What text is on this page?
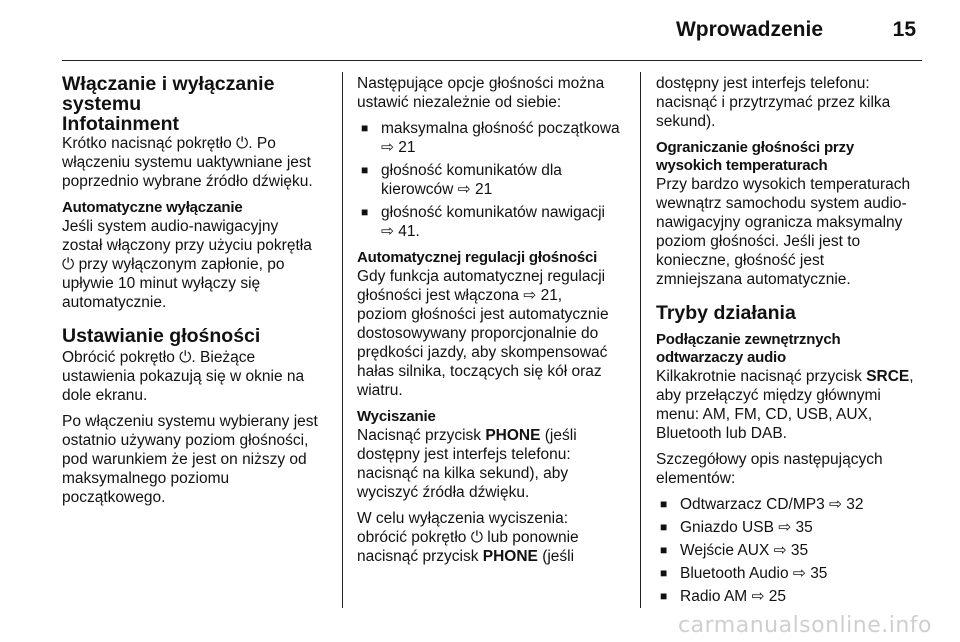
Wprowadzenie	15
Włączanie i wyłączanie systemu
Infotainment

Krótko nacisnąć pokrętło ⏻. Po
włączeniu systemu uaktywniane jest
poprzednio wybrane źródło dźwięku.

Automatyczne wyłączanie

Jeśli system audio-nawigacyjny
został włączony przy użyciu pokrętła
⏻ przy wyłączonym zapłonie, po
upływie 10 minut wyłączy się
automatycznie.

Ustawianie głośności

Obrócić pokrętło ⏻. Bieżące
ustawienia pokazują się w oknie na
dole ekranu.

Po włączeniu systemu wybierany jest
ostatnio używany poziom głośności,
pod warunkiem że jest on niższy od
maksymalnego poziomu
początkowego.

Następujące opcje głośności można
ustawić niezależnie od siebie:

■ maksymalna głośność początkowa
⇨ 21
■ głośność komunikatów dla
kierowców ⇨ 21
■ głośność komunikatów nawigacji
⇨ 41.
Automatycznej regulacji głośności

Gdy funkcja automatycznej regulacji
głośności jest włączona ⇨ 21,
poziom głośności jest automatycznie
dostosowywany proporcjonalnie do
prędkości jazdy, aby skompensować
hałas silnika, toczących się kół oraz
wiatru.

Wyciszanie

Nacisnąć przycisk PHONE (jeśli
dostępny jest interfejs telefonu:
nacisnąć na kilka sekund), aby
wyciszyć źródła dźwięku.

W celu wyłączenia wyciszenia:
obrócić pokrętło ⏻ lub ponownie
nacisnąć przycisk PHONE (jeśli

dostępny jest interfejs telefonu:
nacisnąć i przytrzymać przez kilka
sekund).

Ograniczanie głośności przy
wysokich temperaturach

Przy bardzo wysokich temperaturach
wewnątrz samochodu system audio-
nawigacyjny ogranicza maksymalny
poziom głośności. Jeśli jest to
konieczne, głośność jest
zmniejszana automatycznie.

Tryby działania
Podłączanie zewnętrznych
odtwarzaczy audio

Kilkakrotnie nacisnąć przycisk SRCE,
aby przełączyć między głównymi
menu: AM, FM, CD, USB, AUX,
Bluetooth lub DAB.

Szczegółowy opis następujących
elementów:

■ Odtwarzacz CD/MP3 ⇨ 32
■ Gniazdo USB ⇨ 35
■ Wejście AUX ⇨ 35
■ Bluetooth Audio ⇨ 35
■ Radio AM ⇨ 25
carmanualsonline.info
